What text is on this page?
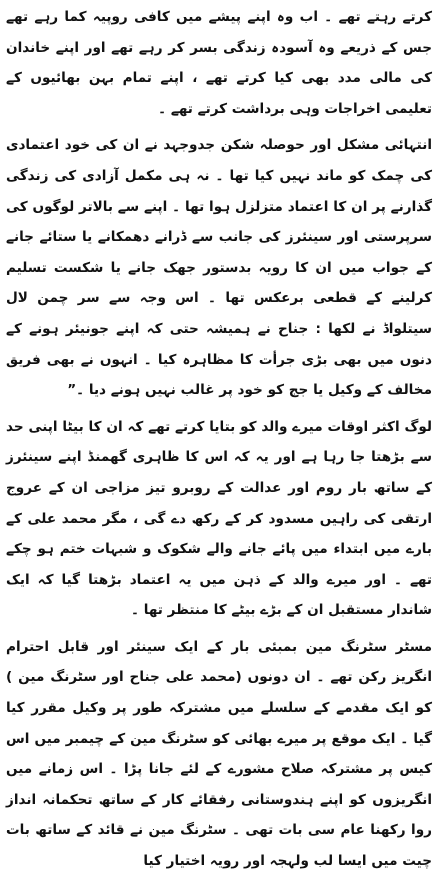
کرتے رہتے تھے ۔ اب وہ اپنے پیشے میں کافی روپیہ کما رہے تھے جس کے ذریعے وہ آسودہ زندگی بسر کر رہے تھے اور اپنے خاندان کی مالی مدد بھی کیا کرتے تھے ، اپنے تمام بہن بھائیوں کے تعلیمی اخراجات وہی برداشت کرتے تھے ۔

انتہائی مشکل اور حوصلہ شکن جدوجہد نے ان کی خود اعتمادی کی چمک کو ماند نہیں کیا تھا ۔ نہ ہی مکمل آزادی کی زندگی گذارنے پر ان کا اعتماد متزلزل ہوا تھا ۔ اپنے سے بالاتر لوگوں کی سرپرستی اور سینئرز کی جانب سے ڈرانے دھمکانے یا ستائے جانے کے جواب میں ان کا رویہ بدستور جھک جانے یا شکست تسلیم کرلینے کے قطعی برعکس تھا ۔ اس وجہ سے سر چمن لال سیتلواڈ نے لکھا : جناح نے ہمیشہ حتی کہ اپنے جونیئر ہونے کے دنوں میں بھی بڑی جرأت کا مظاہرہ کیا ۔ انہوں نے بھی فریق مخالف کے وکیل یا جج کو خود پر غالب نہیں ہونے دیا ۔”

لوگ اکثر اوقات میرے والد کو بتایا کرتے تھے کہ ان کا بیٹا اپنی حد سے بڑھتا جا رہا ہے اور یہ کہ اس کا ظاہری گھمنڈ اپنے سینئرز کے ساتھ بار روم اور عدالت کے روبرو تیز مزاجی ان کے عروج ارتقی کی راہیں مسدود کر کے رکھ دے گی ، مگر محمد علی کے بارے میں ابتداء میں پائے جانے والے شکوک و شبہات ختم ہو چکے تھے ۔ اور میرے والد کے ذہن میں یہ اعتماد بڑھتا گیا کہ ایک شاندار مستقبل ان کے بڑے بیٹے کا منتظر تھا ۔

مسٹر سٹرنگ مین بمبئی بار کے ایک سینئر اور قابل احترام انگریز رکن تھے ۔ ان دونوں (محمد علی جناح اور سٹرنگ مین ) کو ایک مقدمے کے سلسلے میں مشترکہ طور پر وکیل مقرر کیا گیا ۔ ایک موقع پر میرے بھائی کو سٹرنگ مین کے چیمبر میں اس کیس پر مشترکہ صلاح مشورے کے لئے جانا پڑا ۔ اس زمانے میں انگریزوں کو اپنے ہندوستانی رفقائے کار کے ساتھ تحکمانہ انداز روا رکھنا عام سی بات تھی ۔ سٹرنگ مین نے قائد کے ساتھ بات چیت میں ایسا لب ولہجہ اور رویہ اختیار کیا
